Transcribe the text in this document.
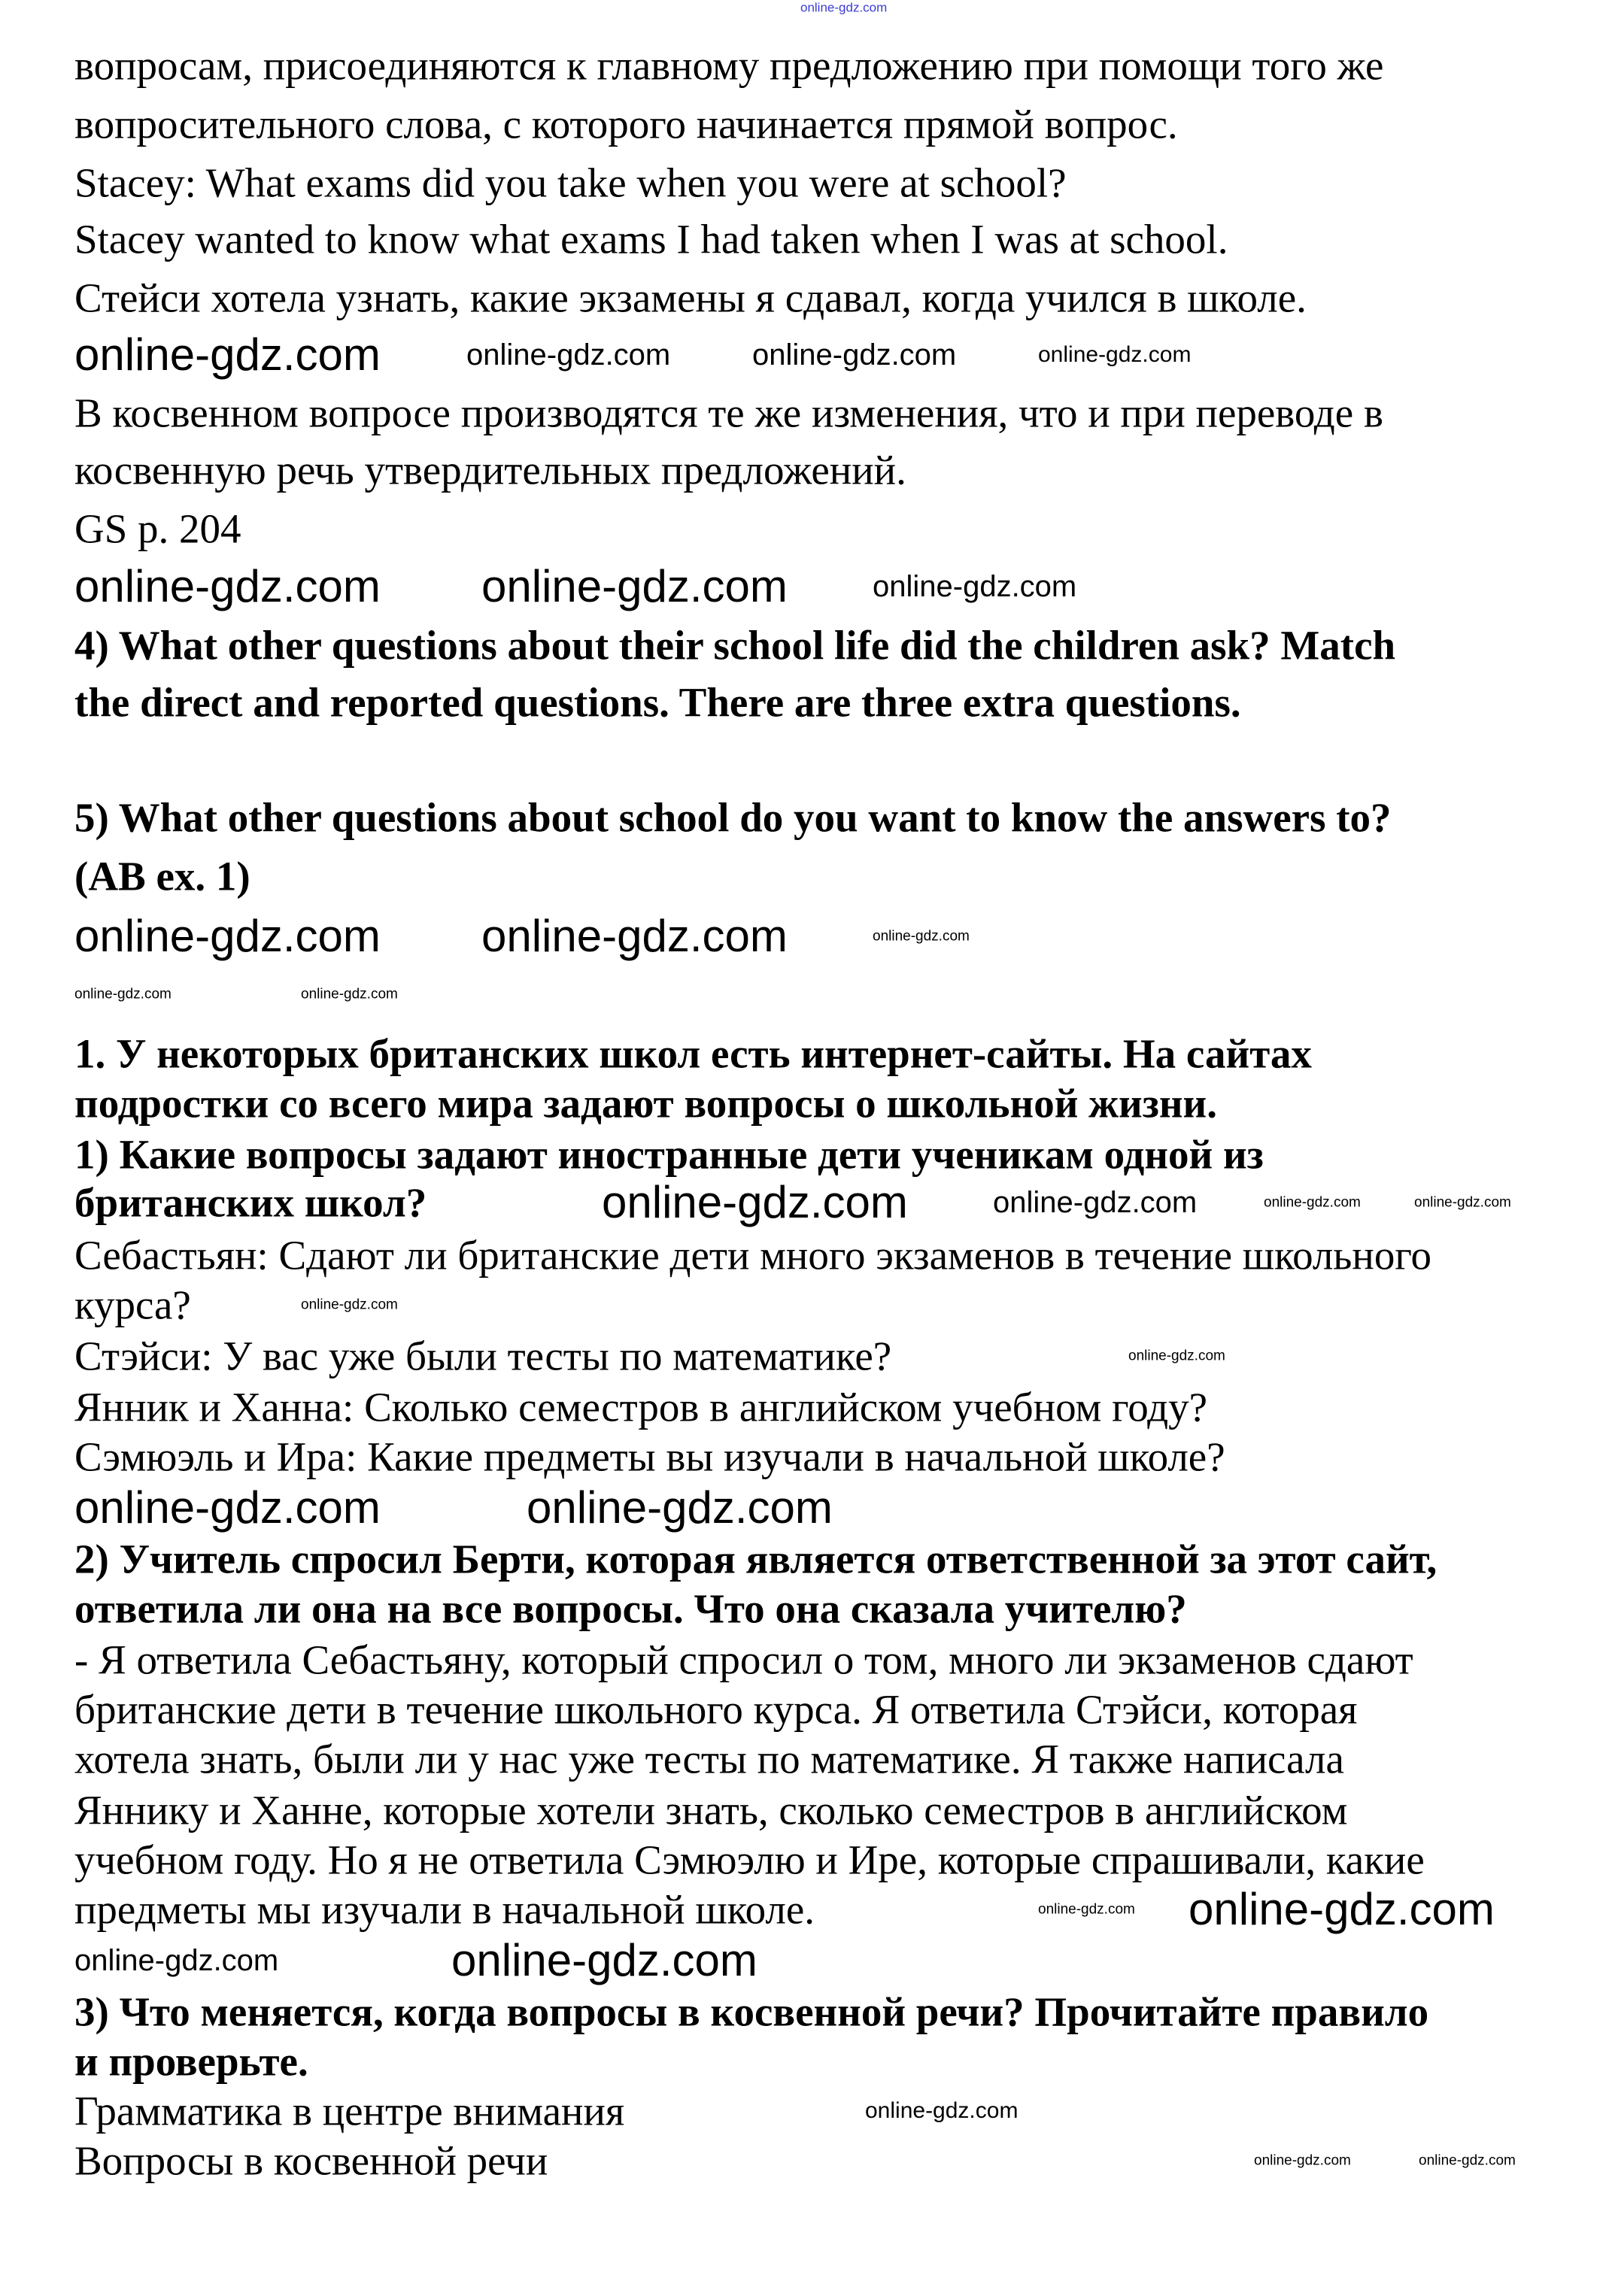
online-gdz.com
вопросам, присоединяются к главному предложению при помощи того же
вопросительного слова, с которого начинается прямой вопрос.
Stacey: What exams did you take when you were at school?
Stacey wanted to know what exams I had taken when I was at school.
Стейси хотела узнать, какие экзамены я сдавал, когда учился в школе.
В косвенном вопросе производятся те же изменения, что и при переводе в
косвенную речь утвердительных предложений.
GS p. 204
4) What other questions about their school life did the children ask? Match
the direct and reported questions. There are three extra questions.
5) What other questions about school do you want to know the answers to?
(AB ex. 1)
1. У некоторых британских школ есть интернет-сайты. На сайтах
подростки со всего мира задают вопросы о школьной жизни.
1) Какие вопросы задают иностранные дети ученикам одной из
британских школ?
Себастьян: Сдают ли британские дети много экзаменов в течение школьного
курса?
Стэйси: У вас уже были тесты по математике?
Янник и Ханна: Сколько семестров в английском учебном году?
Сэмюэль и Ира: Какие предметы вы изучали в начальной школе?
2) Учитель спросил Берти, которая является ответственной за этот сайт,
ответила ли она на все вопросы. Что она сказала учителю?
- Я ответила Себастьяну, который спросил о том, много ли экзаменов сдают
британские дети в течение школьного курса. Я ответила Стэйси, которая
хотела знать, были ли у нас уже тесты по математике. Я также написала
Яннику и Ханне, которые хотели знать, сколько семестров в английском
учебном году. Но я не ответила Сэмюэлю и Ире, которые спрашивали, какие
предметы мы изучали в начальной школе.
3) Что меняется, когда вопросы в косвенной речи? Прочитайте правило
и проверьте.
Грамматика в центре внимания
Вопросы в косвенной речи
online-gdz.com	online-gdz.com	online-gdz.com	online-gdz.com
online-gdz.com online-gdz.com	online-gdz.com
online-gdz.com online-gdz.com	online-gdz.com
online-gdz.com	online-gdz.com
online-gdz.com	online-gdz.com	online-gdz.com	online-gdz.com
online-gdz.com
online-gdz.com
online-gdz.com	online-gdz.com
online-gdz.com online-gdz.com
online-gdz.com	online-gdz.com
online-gdz.com
online-gdz.com	online-gdz.com
